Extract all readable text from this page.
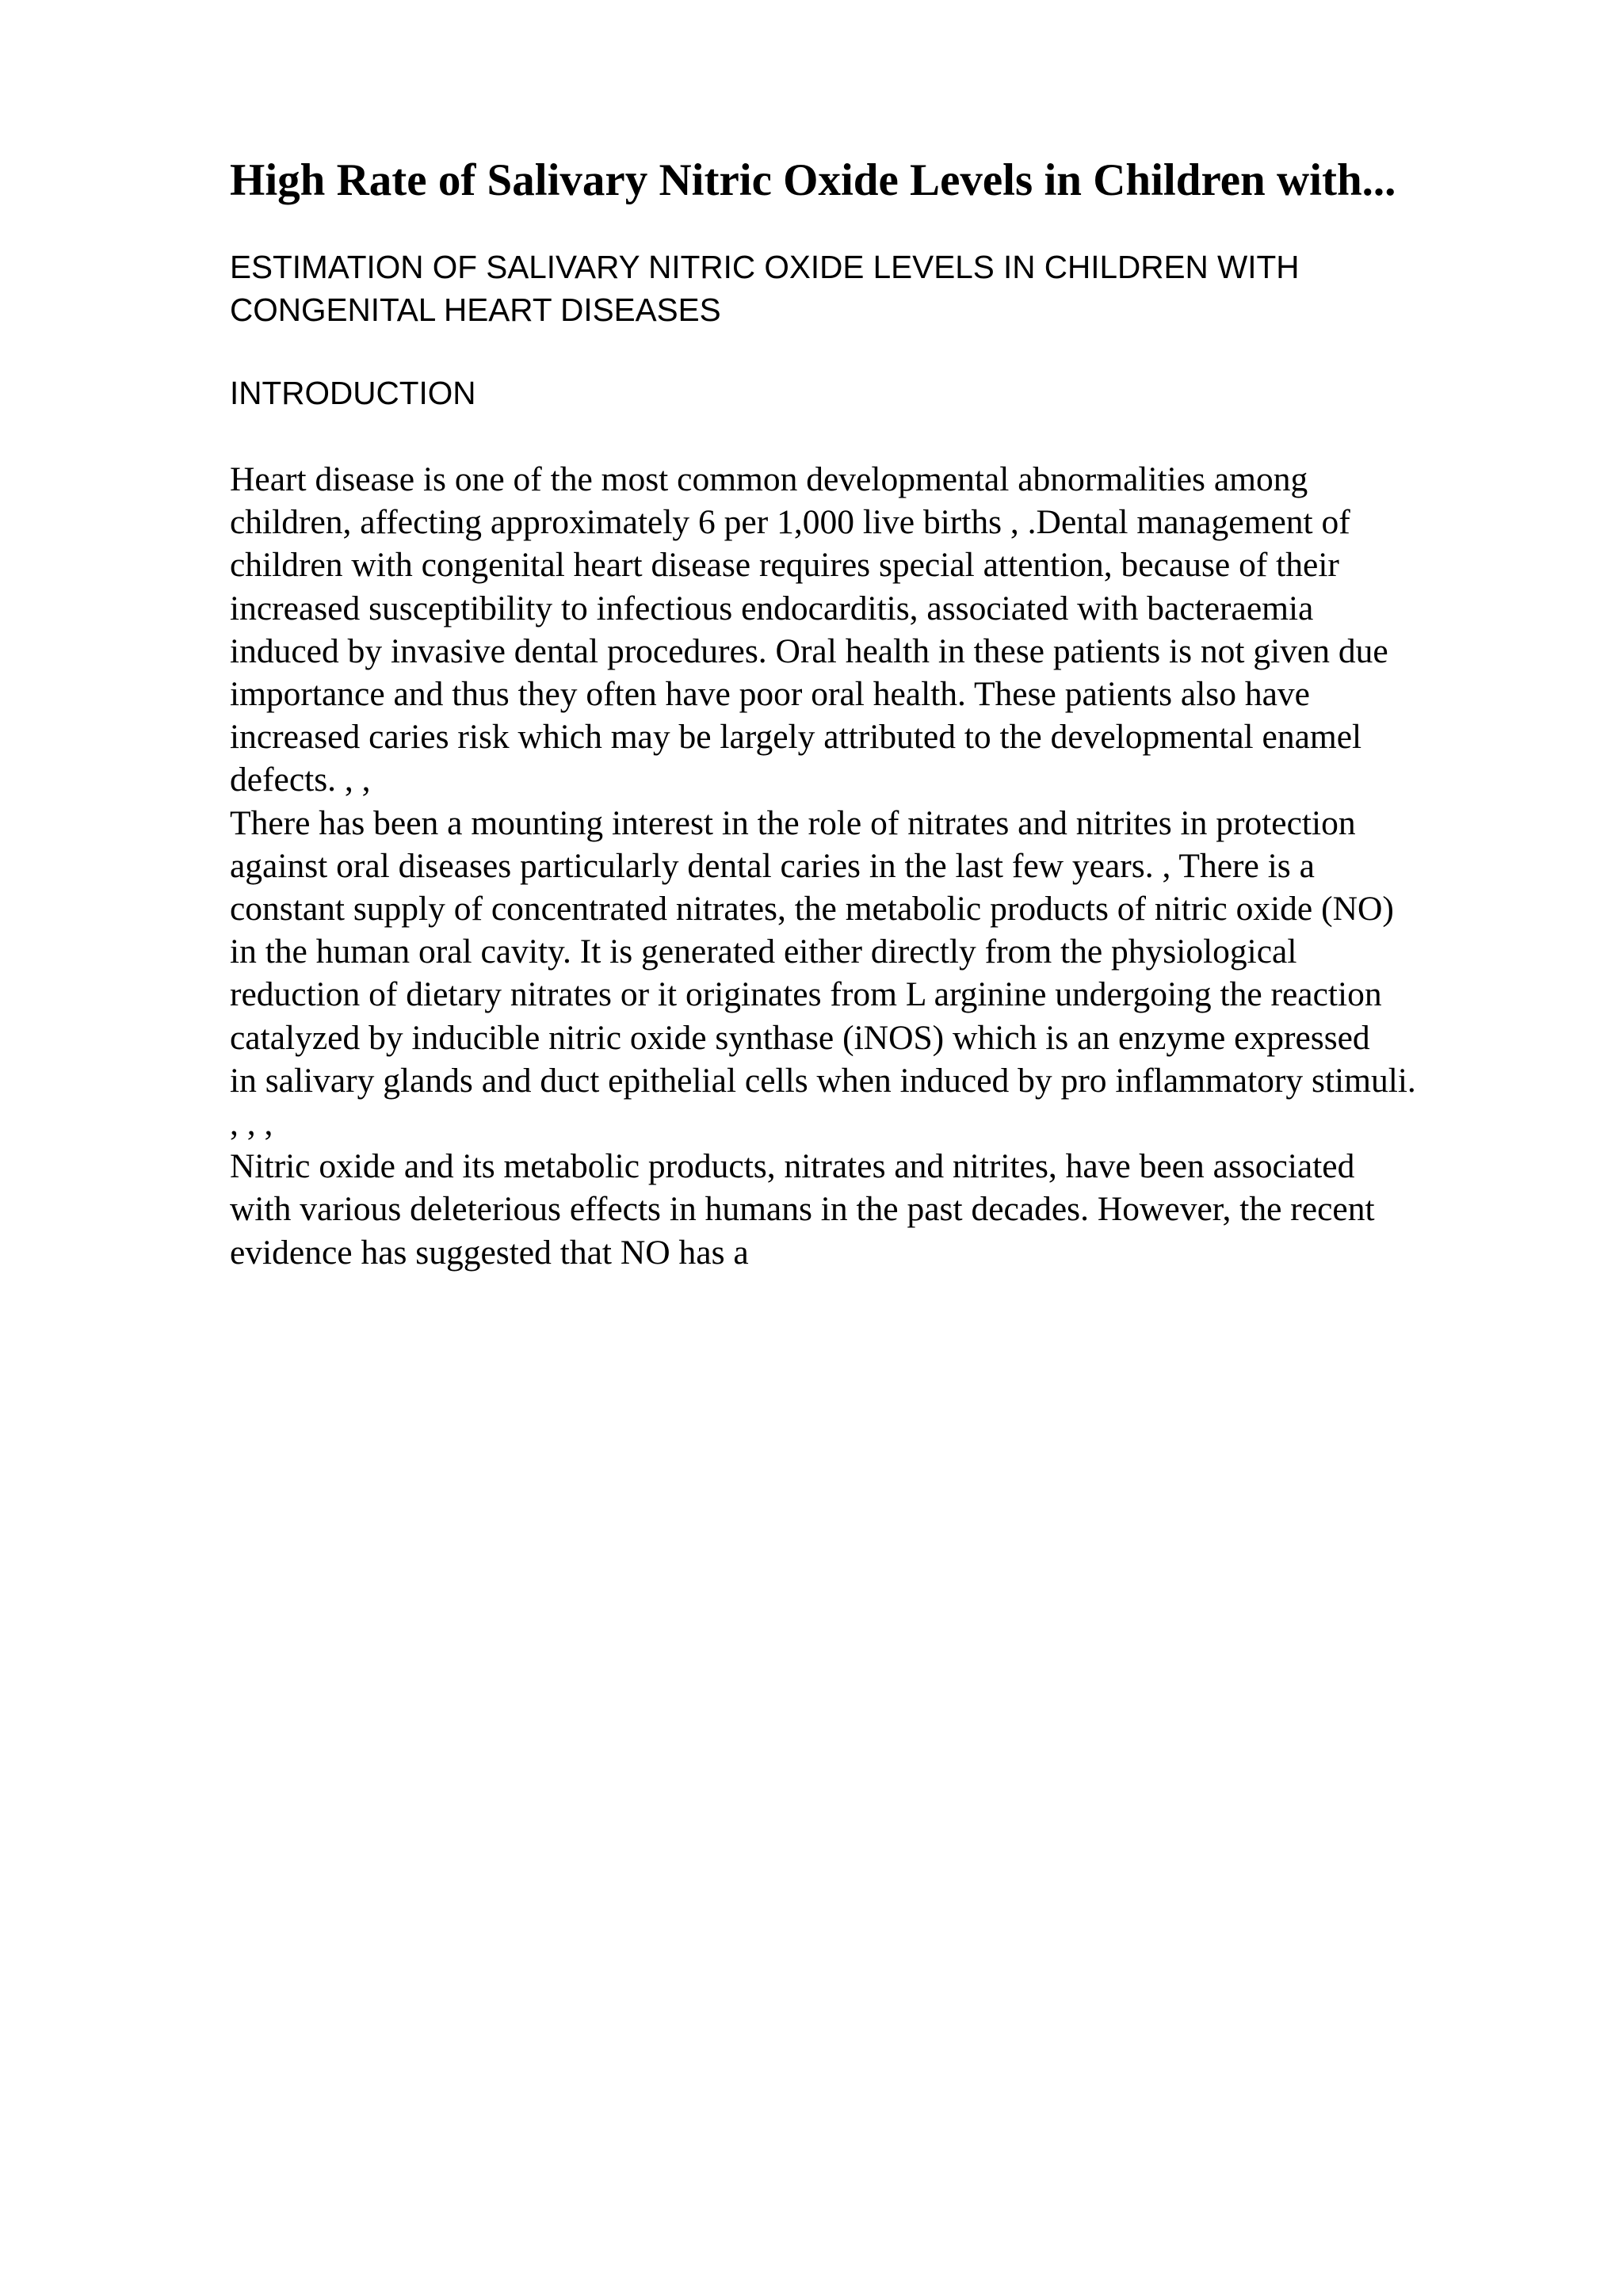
High Rate of Salivary Nitric Oxide Levels in Children with...
ESTIMATION OF SALIVARY NITRIC OXIDE LEVELS IN CHILDREN WITH
CONGENITAL HEART DISEASES
INTRODUCTION
Heart disease is one of the most common developmental abnormalities among
children, affecting approximately 6 per 1,000 live births , .Dental management of
children with congenital heart disease requires special attention, because of their
increased susceptibility to infectious endocarditis, associated with bacteraemia
induced by invasive dental procedures. Oral health in these patients is not given due
importance and thus they often have poor oral health. These patients also have
increased caries risk which may be largely attributed to the developmental enamel
defects. , ,
There has been a mounting interest in the role of nitrates and nitrites in protection
against oral diseases particularly dental caries in the last few years. , There is a
constant supply of concentrated nitrates, the metabolic products of nitric oxide (NO)
in the human oral cavity. It is generated either directly from the physiological
reduction of dietary nitrates or it originates from L arginine undergoing the reaction
catalyzed by inducible nitric oxide synthase (iNOS) which is an enzyme expressed
in salivary glands and duct epithelial cells when induced by pro inflammatory stimuli.
, , ,
Nitric oxide and its metabolic products, nitrates and nitrites, have been associated
with various deleterious effects in humans in the past decades. However, the recent
evidence has suggested that NO has a
